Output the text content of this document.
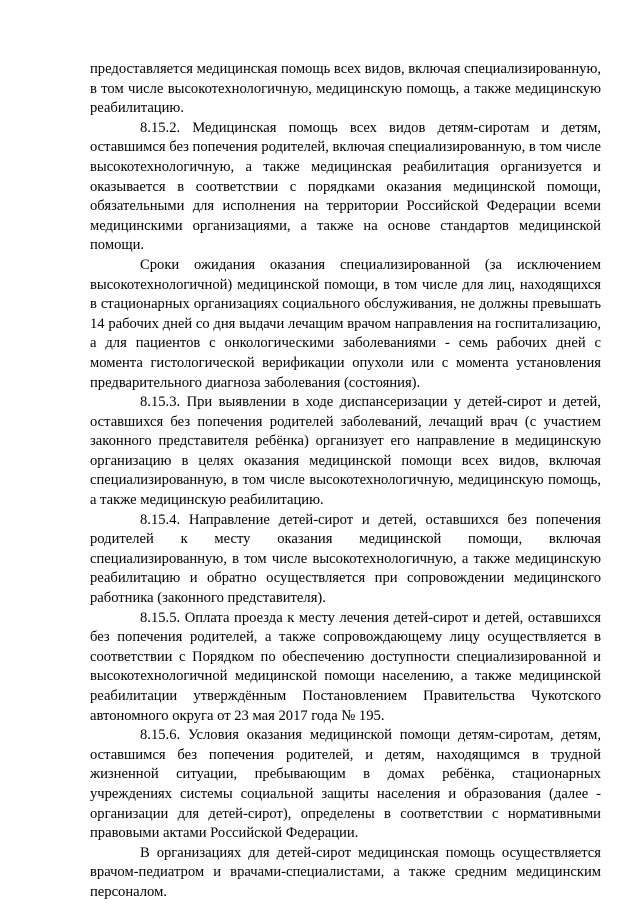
предоставляется медицинская помощь всех видов, включая специализированную, в том числе высокотехнологичную, медицинскую помощь, а также медицинскую реабилитацию.

8.15.2. Медицинская помощь всех видов детям-сиротам и детям, оставшимся без попечения родителей, включая специализированную, в том числе высокотехнологичную, а также медицинская реабилитация организуется и оказывается в соответствии с порядками оказания медицинской помощи, обязательными для исполнения на территории Российской Федерации всеми медицинскими организациями, а также на основе стандартов медицинской помощи.

Сроки ожидания оказания специализированной (за исключением высокотехнологичной) медицинской помощи, в том числе для лиц, находящихся в стационарных организациях социального обслуживания, не должны превышать 14 рабочих дней со дня выдачи лечащим врачом направления на госпитализацию, а для пациентов с онкологическими заболеваниями - семь рабочих дней с момента гистологической верификации опухоли или с момента установления предварительного диагноза заболевания (состояния).

8.15.3. При выявлении в ходе диспансеризации у детей-сирот и детей, оставшихся без попечения родителей заболеваний, лечащий врач (с участием законного представителя ребёнка) организует его направление в медицинскую организацию в целях оказания медицинской помощи всех видов, включая специализированную, в том числе высокотехнологичную, медицинскую помощь, а также медицинскую реабилитацию.

8.15.4. Направление детей-сирот и детей, оставшихся без попечения родителей к месту оказания медицинской помощи, включая специализированную, в том числе высокотехнологичную, а также медицинскую реабилитацию и обратно осуществляется при сопровождении медицинского работника (законного представителя).

8.15.5. Оплата проезда к месту лечения детей-сирот и детей, оставшихся без попечения родителей, а также сопровождающему лицу осуществляется в соответствии с Порядком по обеспечению доступности специализированной и высокотехнологичной медицинской помощи населению, а также медицинской реабилитации утверждённым Постановлением Правительства Чукотского автономного округа от 23 мая 2017 года № 195.

8.15.6. Условия оказания медицинской помощи детям-сиротам, детям, оставшимся без попечения родителей, и детям, находящимся в трудной жизненной ситуации, пребывающим в домах ребёнка, стационарных учреждениях системы социальной защиты населения и образования (далее - организации для детей-сирот), определены в соответствии с нормативными правовыми актами Российской Федерации.

В организациях для детей-сирот медицинская помощь осуществляется врачом-педиатром и врачами-специалистами, а также средним медицинским персоналом.
